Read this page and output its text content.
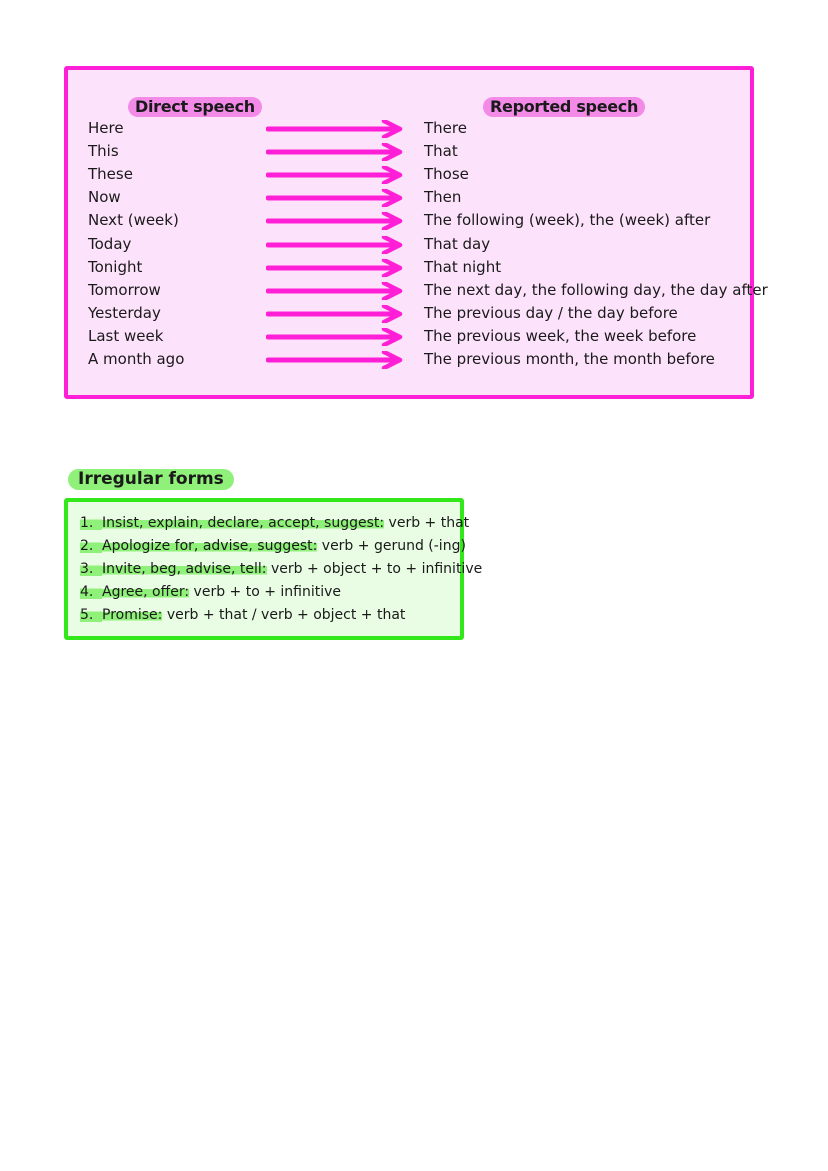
Direct speech	Reported speech
Here	There
This	That
These	Those
Now	Then
Next (week)	The following (week), the (week) after
Today	That day
Tonight	That night
Tomorrow	The next day, the following day, the day after
Yesterday	The previous day / the day before
Last week	The previous week, the week before
A month ago	The previous month, the month before
Irregular forms
1. Insist, explain, declare, accept, suggest: verb + that
2. Apologize for, advise, suggest: verb + gerund (-ing)
3. Invite, beg, advise, tell: verb + object + to + infinitive
4. Agree, offer: verb + to + infinitive
5. Promise: verb + that / verb + object + that
